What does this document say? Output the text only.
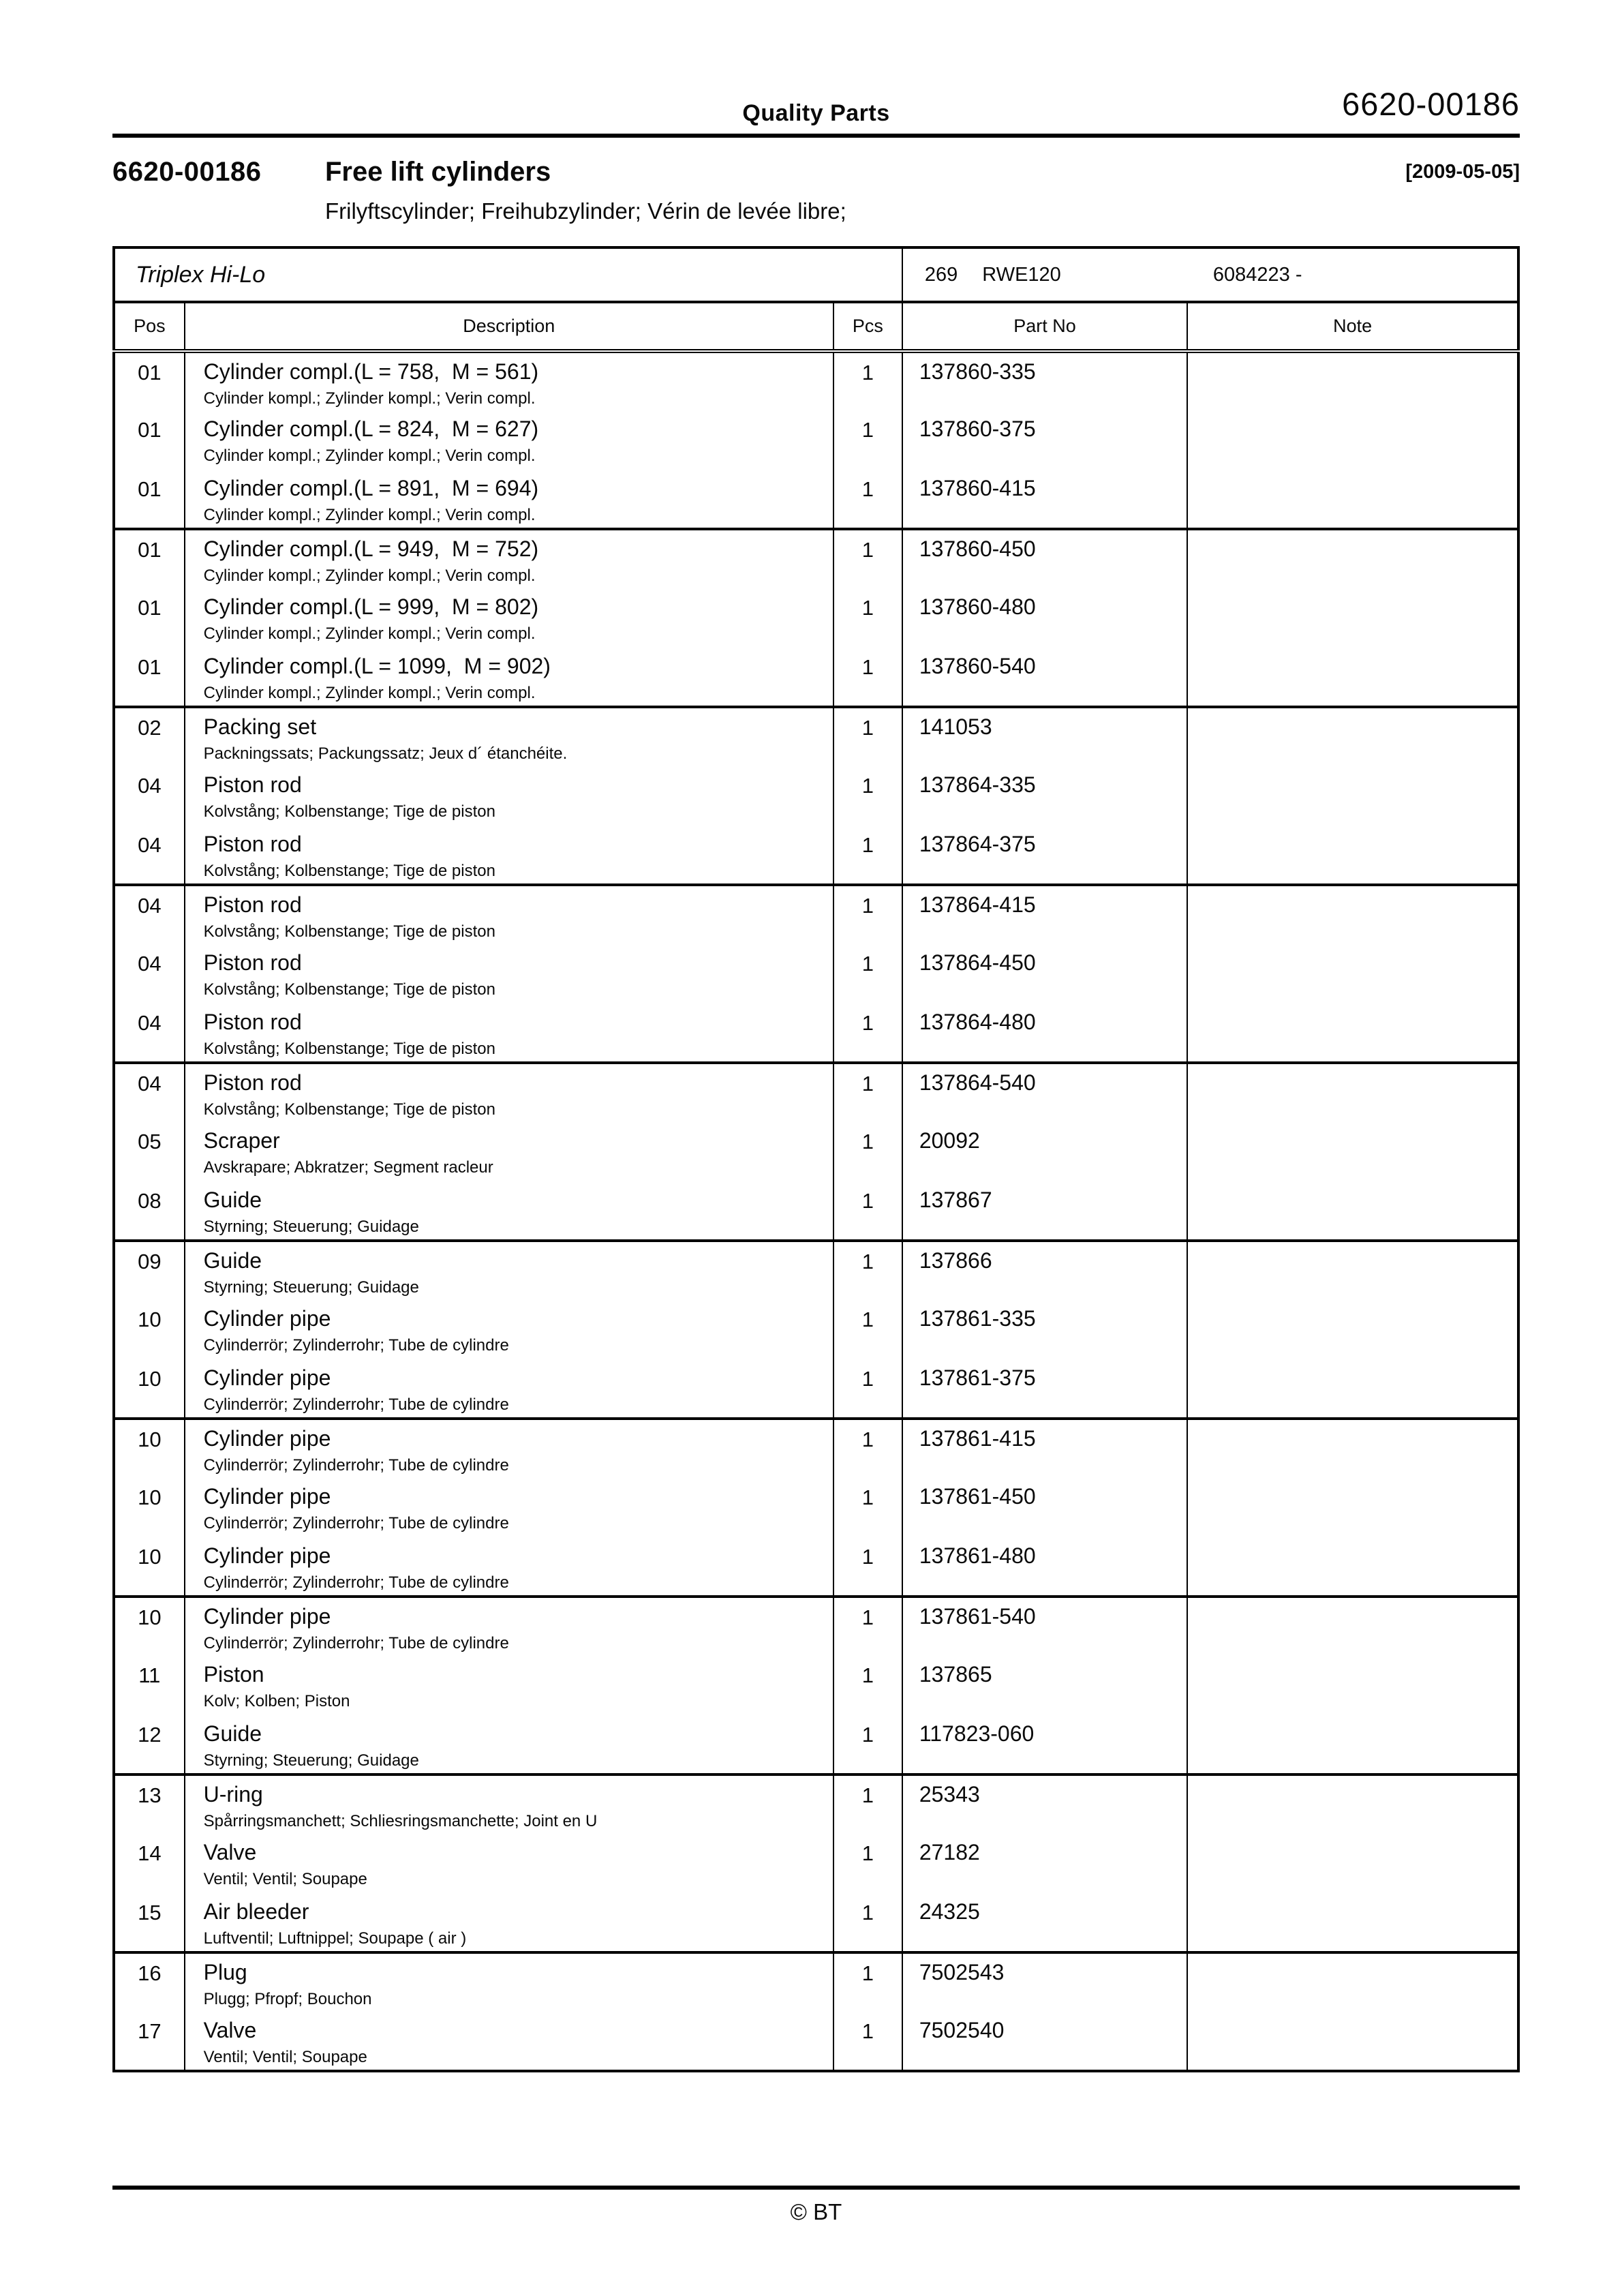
Quality Parts	6620-00186
6620-00186	Free lift cylinders
Frilyftscylinder; Freihubzylinder; Vérin de levée libre;
[2009-05-05]
Triplex Hi-Lo			269 RWE120 6084223 -	
Pos	Description	Pcs	Part No	Note
01	Cylinder compl.(L = 758,  M = 561)
Cylinder kompl.; Zylinder kompl.; Verin compl.	1	137860-335	
01	Cylinder compl.(L = 824,  M = 627)
Cylinder kompl.; Zylinder kompl.; Verin compl.	1	137860-375	
01	Cylinder compl.(L = 891,  M = 694)
Cylinder kompl.; Zylinder kompl.; Verin compl.	1	137860-415	
01	Cylinder compl.(L = 949,  M = 752)
Cylinder kompl.; Zylinder kompl.; Verin compl.	1	137860-450	
01	Cylinder compl.(L = 999,  M = 802)
Cylinder kompl.; Zylinder kompl.; Verin compl.	1	137860-480	
01	Cylinder compl.(L = 1099,  M = 902)
Cylinder kompl.; Zylinder kompl.; Verin compl.	1	137860-540	
02	Packing set
Packningssats; Packungssatz; Jeux d´ étanchéite.	1	141053	
04	Piston rod
Kolvstång; Kolbenstange; Tige de piston	1	137864-335	
04	Piston rod
Kolvstång; Kolbenstange; Tige de piston	1	137864-375	
04	Piston rod
Kolvstång; Kolbenstange; Tige de piston	1	137864-415	
04	Piston rod
Kolvstång; Kolbenstange; Tige de piston	1	137864-450	
04	Piston rod
Kolvstång; Kolbenstange; Tige de piston	1	137864-480	
04	Piston rod
Kolvstång; Kolbenstange; Tige de piston	1	137864-540	
05	Scraper
Avskrapare; Abkratzer; Segment racleur	1	20092	
08	Guide
Styrning; Steuerung; Guidage	1	137867	
09	Guide
Styrning; Steuerung; Guidage	1	137866	
10	Cylinder pipe
Cylinderrör; Zylinderrohr; Tube de cylindre	1	137861-335	
10	Cylinder pipe
Cylinderrör; Zylinderrohr; Tube de cylindre	1	137861-375	
10	Cylinder pipe
Cylinderrör; Zylinderrohr; Tube de cylindre	1	137861-415	
10	Cylinder pipe
Cylinderrör; Zylinderrohr; Tube de cylindre	1	137861-450	
10	Cylinder pipe
Cylinderrör; Zylinderrohr; Tube de cylindre	1	137861-480	
10	Cylinder pipe
Cylinderrör; Zylinderrohr; Tube de cylindre	1	137861-540	
11	Piston
Kolv; Kolben; Piston	1	137865	
12	Guide
Styrning; Steuerung; Guidage	1	117823-060	
13	U-ring
Spårringsmanchett; Schliesringsmanchette; Joint en U	1	25343	
14	Valve
Ventil; Ventil; Soupape	1	27182	
15	Air bleeder
Luftventil; Luftnippel; Soupape ( air )	1	24325	
16	Plug
Plugg; Pfropf; Bouchon	1	7502543	
17	Valve
Ventil; Ventil; Soupape	1	7502540	
© BT
